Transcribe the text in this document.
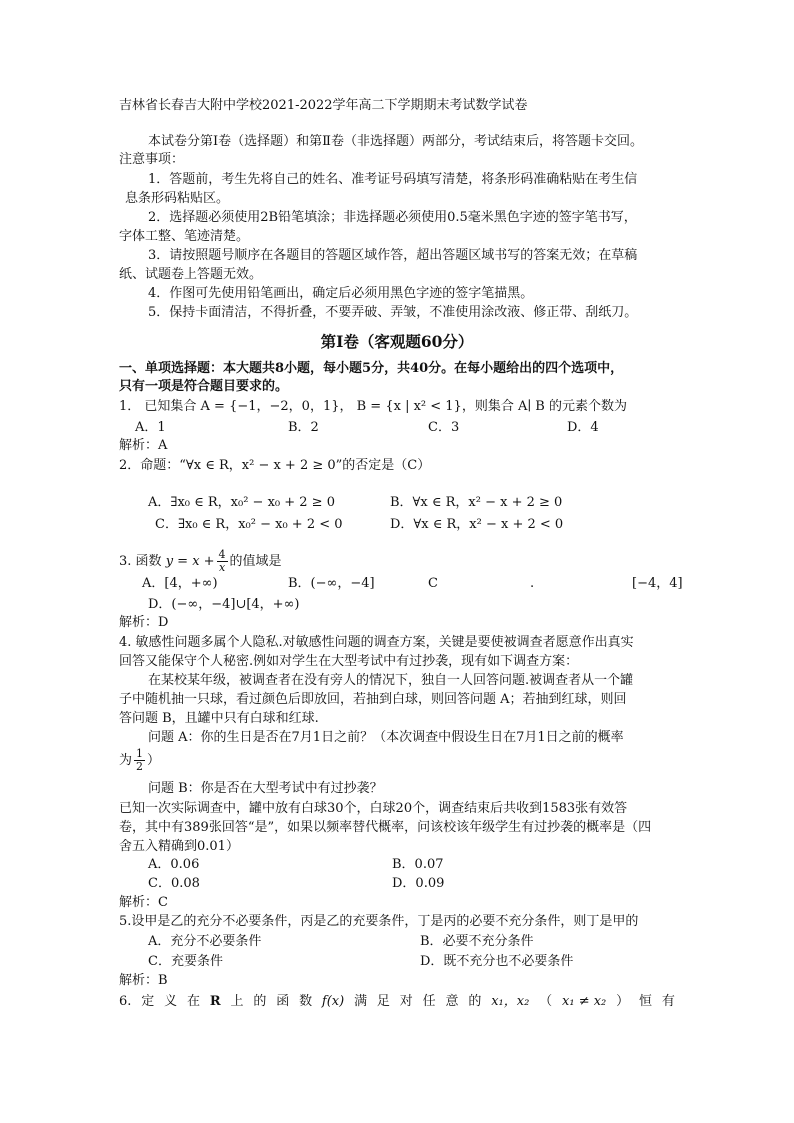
吉林省长春吉大附中学校2021-2022学年高二下学期期末考试数学试卷
本试卷分第Ⅰ卷（选择题）和第Ⅱ卷（非选择题）两部分，考试结束后，将答题卡交回。
注意事项：
1．答题前，考生先将自己的姓名、准考证号码填写清楚，将条形码准确粘贴在考生信
息条形码粘贴区。
2．选择题必须使用2B铅笔填涂；非选择题必须使用0.5毫米黑色字迹的签字笔书写，
字体工整、笔迹清楚。
3．请按照题号顺序在各题目的答题区域作答，超出答题区域书写的答案无效；在草稿
纸、试题卷上答题无效。
4．作图可先使用铅笔画出，确定后必须用黑色字迹的签字笔描黑。
5．保持卡面清洁，不得折叠，不要弄破、弄皱，不准使用涂改液、修正带、刮纸刀。
第Ⅰ卷（客观题60分）
一、单项选择题：本大题共8小题，每小题5分，共40分。在每小题给出的四个选项中，
只有一项是符合题目要求的。
1． 已知集合 A = {−1，−2，0，1}， B = {x | x² < 1}，则集合 A∣ B 的元素个数为
A．1	B．2	C．3	D．4
解析：A
2．命题：“∀x ∈ R，x² − x + 2 ≥ 0”的否定是（C）
A．∃x₀ ∈ R，x₀² − x₀ + 2 ≥ 0	B．∀x ∈ R，x² − x + 2 ≥ 0
C．∃x₀ ∈ R，x₀² − x₀ + 2 < 0	D．∀x ∈ R，x² − x + 2 < 0
3. 函数 $y = x + \frac{4}{x}$ 的值域是
A．[4，+∞)	B．(−∞，−4]	C	.	[−4，4]
D．(−∞，−4]∪[4，+∞)
解析：D
4. 敏感性问题多属个人隐私.对敏感性问题的调查方案，关键是要使被调查者愿意作出真实
回答又能保守个人秘密.例如对学生在大型考试中有过抄袭，现有如下调查方案：
在某校某年级，被调查者在没有旁人的情况下，独自一人回答问题.被调查者从一个罐
子中随机抽一只球，看过颜色后即放回，若抽到白球，则回答问题 A；若抽到红球，则回
答问题 B，且罐中只有白球和红球.
问题 A：你的生日是否在7月1日之前？（本次调查中假设生日在7月1日之前的概率
为 $\frac{1}{2}$ ）
问题 B：你是否在大型考试中有过抄袭？
已知一次实际调查中，罐中放有白球30个，白球20个，调查结束后共收到1583张有效答
卷，其中有389张回答“是”，如果以频率替代概率，问该校该年级学生有过抄袭的概率是（四
舍五入精确到0.01）
A．0.06	B．0.07
C．0.08	D．0.09
解析：C
5.设甲是乙的充分不必要条件，丙是乙的充要条件，丁是丙的必要不充分条件，则丁是甲的
A．充分不必要条件	B．必要不充分条件
C．充要条件	D．既不充分也不必要条件
解析：B
6. 定 义 在 R 上 的 函 数 f(x) 满 足 对 任 意 的 x₁，x₂ （ x₁ ≠ x₂ ） 恒 有
